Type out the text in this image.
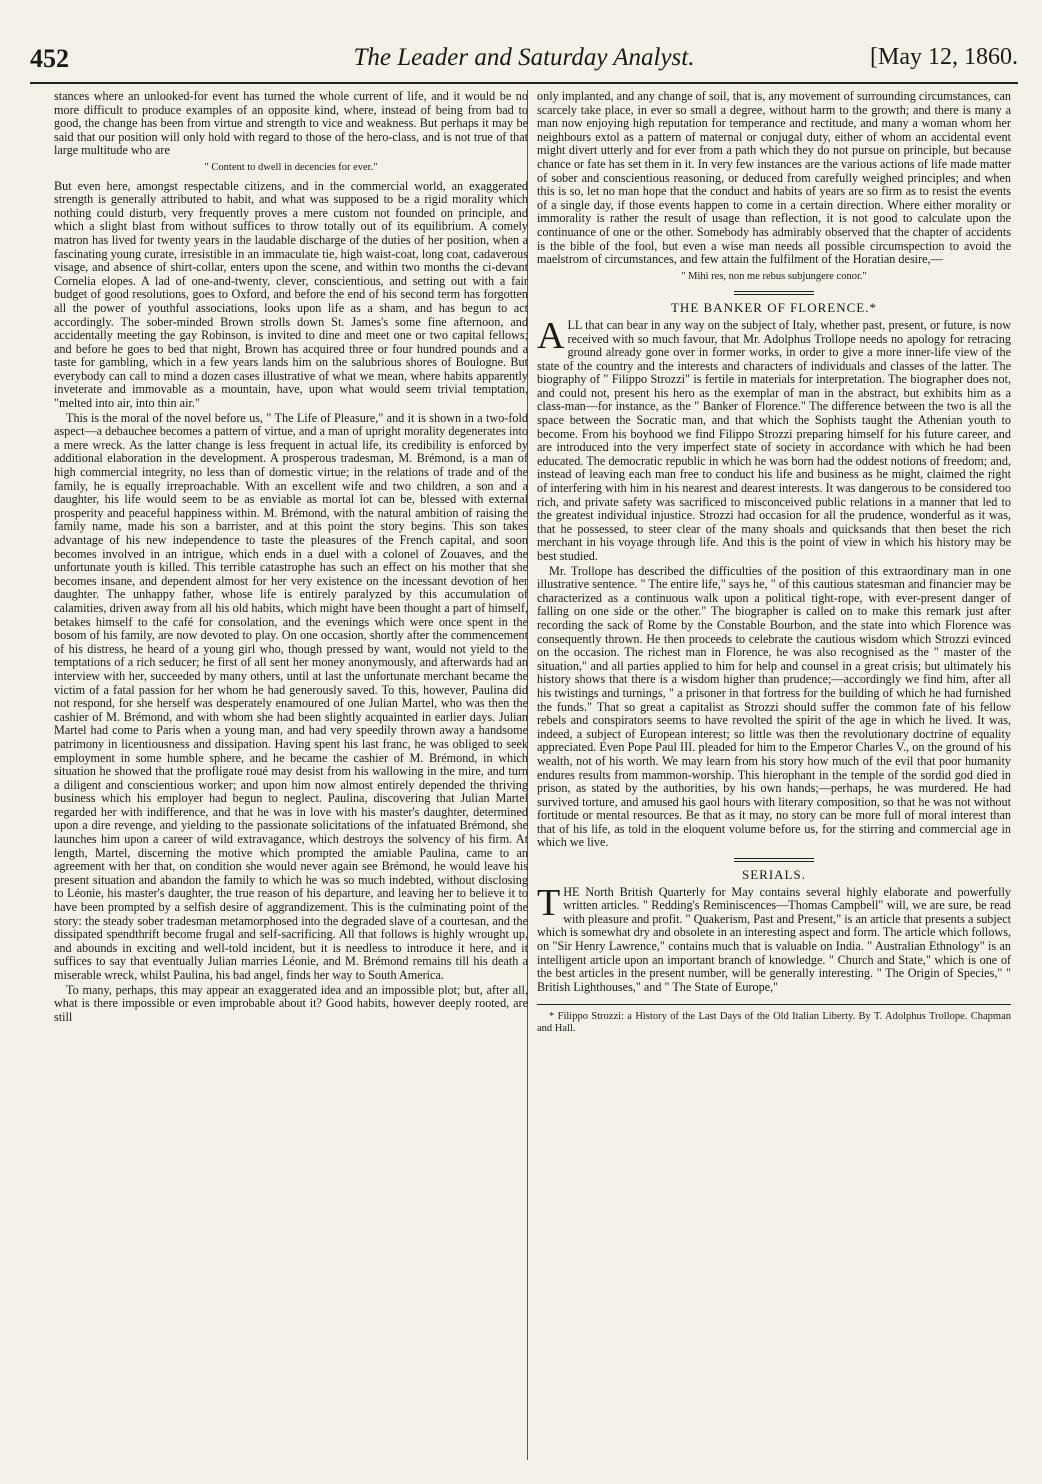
452	The Leader and Saturday Analyst.	[May 12, 1860.

stances where an unlooked-for event has turned the whole current of life, and it would be no more difficult to produce examples of an opposite kind, where, instead of being from bad to good, the change has been from virtue and strength to vice and weakness. But perhaps it may be said that our position will only hold with regard to those of the hero-class, and is not true of that large multitude who are

" Content to dwell in decencies for ever."

But even here, amongst respectable citizens, and in the commercial world, an exaggerated strength is generally attributed to habit, and what was supposed to be a rigid morality which nothing could disturb, very frequently proves a mere custom not founded on principle, and which a slight blast from without suffices to throw totally out of its equilibrium. A comely matron has lived for twenty years in the laudable discharge of the duties of her position, when a fascinating young curate, irresistible in an immaculate tie, high waist-coat, long coat, cadaverous visage, and absence of shirt-collar, enters upon the scene, and within two months the ci-devant Cornelia elopes. A lad of one-and-twenty, clever, conscientious, and setting out with a fair budget of good resolutions, goes to Oxford, and before the end of his second term has forgotten all the power of youthful associations, looks upon life as a sham, and has begun to act accordingly. The sober-minded Brown strolls down St. James's some fine afternoon, and accidentally meeting the gay Robinson, is invited to dine and meet one or two capital fellows; and before he goes to bed that night, Brown has acquired three or four hundred pounds and a taste for gambling, which in a few years lands him on the salubrious shores of Boulogne. But everybody can call to mind a dozen cases illustrative of what we mean, where habits apparently inveterate and immovable as a mountain, have, upon what would seem trivial temptation, "melted into air, into thin air."

This is the moral of the novel before us, " The Life of Pleasure," and it is shown in a two-fold aspect—a debauchee becomes a pattern of virtue, and a man of upright morality degenerates into a mere wreck. As the latter change is less frequent in actual life, its credibility is enforced by additional elaboration in the development. A prosperous tradesman, M. Brémond, is a man of high commercial integrity, no less than of domestic virtue; in the relations of trade and of the family, he is equally irreproachable. With an excellent wife and two children, a son and a daughter, his life would seem to be as enviable as mortal lot can be, blessed with external prosperity and peaceful happiness within. M. Brémond, with the natural ambition of raising the family name, made his son a barrister, and at this point the story begins. This son takes advantage of his new independence to taste the pleasures of the French capital, and soon becomes involved in an intrigue, which ends in a duel with a colonel of Zouaves, and the unfortunate youth is killed. This terrible catastrophe has such an effect on his mother that she becomes insane, and dependent almost for her very existence on the incessant devotion of her daughter. The unhappy father, whose life is entirely paralyzed by this accumulation of calamities, driven away from all his old habits, which might have been thought a part of himself, betakes himself to the café for consolation, and the evenings which were once spent in the bosom of his family, are now devoted to play. On one occasion, shortly after the commencement of his distress, he heard of a young girl who, though pressed by want, would not yield to the temptations of a rich seducer; he first of all sent her money anonymously, and afterwards had an interview with her, succeeded by many others, until at last the unfortunate merchant became the victim of a fatal passion for her whom he had generously saved. To this, however, Paulina did not respond, for she herself was desperately enamoured of one Julian Martel, who was then the cashier of M. Brémond, and with whom she had been slightly acquainted in earlier days. Julian Martel had come to Paris when a young man, and had very speedily thrown away a handsome patrimony in licentiousness and dissipation. Having spent his last franc, he was obliged to seek employment in some humble sphere, and he became the cashier of M. Brémond, in which situation he showed that the profligate roué may desist from his wallowing in the mire, and turn a diligent and conscientious worker; and upon him now almost entirely depended the thriving business which his employer had begun to neglect. Paulina, discovering that Julian Martel regarded her with indifference, and that he was in love with his master's daughter, determined upon a dire revenge, and yielding to the passionate solicitations of the infatuated Brémond, she launches him upon a career of wild extravagance, which destroys the solvency of his firm. At length, Martel, discerning the motive which prompted the amiable Paulina, came to an agreement with her that, on condition she would never again see Brémond, he would leave his present situation and abandon the family to which he was so much indebted, without disclosing to Léonie, his master's daughter, the true reason of his departure, and leaving her to believe it to have been prompted by a selfish desire of aggrandizement. This is the culminating point of the story: the steady sober tradesman metamorphosed into the degraded slave of a courtesan, and the dissipated spendthrift become frugal and self-sacrificing. All that follows is highly wrought up, and abounds in exciting and well-told incident, but it is needless to introduce it here, and it suffices to say that eventually Julian marries Léonie, and M. Brémond remains till his death a miserable wreck, whilst Paulina, his bad angel, finds her way to South America.

To many, perhaps, this may appear an exaggerated idea and an impossible plot; but, after all, what is there impossible or even improbable about it? Good habits, however deeply rooted, are still

only implanted, and any change of soil, that is, any movement of surrounding circumstances, can scarcely take place, in ever so small a degree, without harm to the growth; and there is many a man now enjoying high reputation for temperance and rectitude, and many a woman whom her neighbours extol as a pattern of maternal or conjugal duty, either of whom an accidental event might divert utterly and for ever from a path which they do not pursue on principle, but because chance or fate has set them in it. In very few instances are the various actions of life made matter of sober and conscientious reasoning, or deduced from carefully weighed principles; and when this is so, let no man hope that the conduct and habits of years are so firm as to resist the events of a single day, if those events happen to come in a certain direction. Where either morality or immorality is rather the result of usage than reflection, it is not good to calculate upon the continuance of one or the other. Somebody has admirably observed that the chapter of accidents is the bible of the fool, but even a wise man needs all possible circumspection to avoid the maelstrom of circumstances, and few attain the fulfilment of the Horatian desire,—

" Mihi res, non me rebus subjungere conor."
THE BANKER OF FLORENCE.*

ALL that can bear in any way on the subject of Italy, whether past, present, or future, is now received with so much favour, that Mr. Adolphus Trollope needs no apology for retracing ground already gone over in former works, in order to give a more inner-life view of the state of the country and the interests and characters of individuals and classes of the latter. The biography of " Filippo Strozzi" is fertile in materials for interpretation. The biographer does not, and could not, present his hero as the exemplar of man in the abstract, but exhibits him as a class-man—for instance, as the " Banker of Florence." The difference between the two is all the space between the Socratic man, and that which the Sophists taught the Athenian youth to become. From his boyhood we find Filippo Strozzi preparing himself for his future career, and are introduced into the very imperfect state of society in accordance with which he had been educated. The democratic republic in which he was born had the oddest notions of freedom; and, instead of leaving each man free to conduct his life and business as he might, claimed the right of interfering with him in his nearest and dearest interests. It was dangerous to be considered too rich, and private safety was sacrificed to misconceived public relations in a manner that led to the greatest individual injustice. Strozzi had occasion for all the prudence, wonderful as it was, that he possessed, to steer clear of the many shoals and quicksands that then beset the rich merchant in his voyage through life. And this is the point of view in which his history may be best studied.

Mr. Trollope has described the difficulties of the position of this extraordinary man in one illustrative sentence. " The entire life," says he, " of this cautious statesman and financier may be characterized as a continuous walk upon a political tight-rope, with ever-present danger of falling on one side or the other." The biographer is called on to make this remark just after recording the sack of Rome by the Constable Bourbon, and the state into which Florence was consequently thrown. He then proceeds to celebrate the cautious wisdom which Strozzi evinced on the occasion. The richest man in Florence, he was also recognised as the " master of the situation," and all parties applied to him for help and counsel in a great crisis; but ultimately his history shows that there is a wisdom higher than prudence;—accordingly we find him, after all his twistings and turnings, " a prisoner in that fortress for the building of which he had furnished the funds." That so great a capitalist as Strozzi should suffer the common fate of his fellow rebels and conspirators seems to have revolted the spirit of the age in which he lived. It was, indeed, a subject of European interest; so little was then the revolutionary doctrine of equality appreciated. Even Pope Paul III. pleaded for him to the Emperor Charles V., on the ground of his wealth, not of his worth. We may learn from his story how much of the evil that poor humanity endures results from mammon-worship. This hierophant in the temple of the sordid god died in prison, as stated by the authorities, by his own hands;—perhaps, he was murdered. He had survived torture, and amused his gaol hours with literary composition, so that he was not without fortitude or mental resources. Be that as it may, no story can be more full of moral interest than that of his life, as told in the eloquent volume before us, for the stirring and commercial age in which we live.

SERIALS.

THE North British Quarterly for May contains several highly elaborate and powerfully written articles. " Redding's Reminiscences—Thomas Campbell" will, we are sure, be read with pleasure and profit. " Quakerism, Past and Present," is an article that presents a subject which is somewhat dry and obsolete in an interesting aspect and form. The article which follows, on "Sir Henry Lawrence," contains much that is valuable on India. " Australian Ethnology" is an intelligent article upon an important branch of knowledge. " Church and State," which is one of the best articles in the present number, will be generally interesting. " The Origin of Species," " British Lighthouses," and " The State of Europe,"

* Filippo Strozzi: a History of the Last Days of the Old Italian Liberty. By T. Adolphus Trollope. Chapman and Hall.
